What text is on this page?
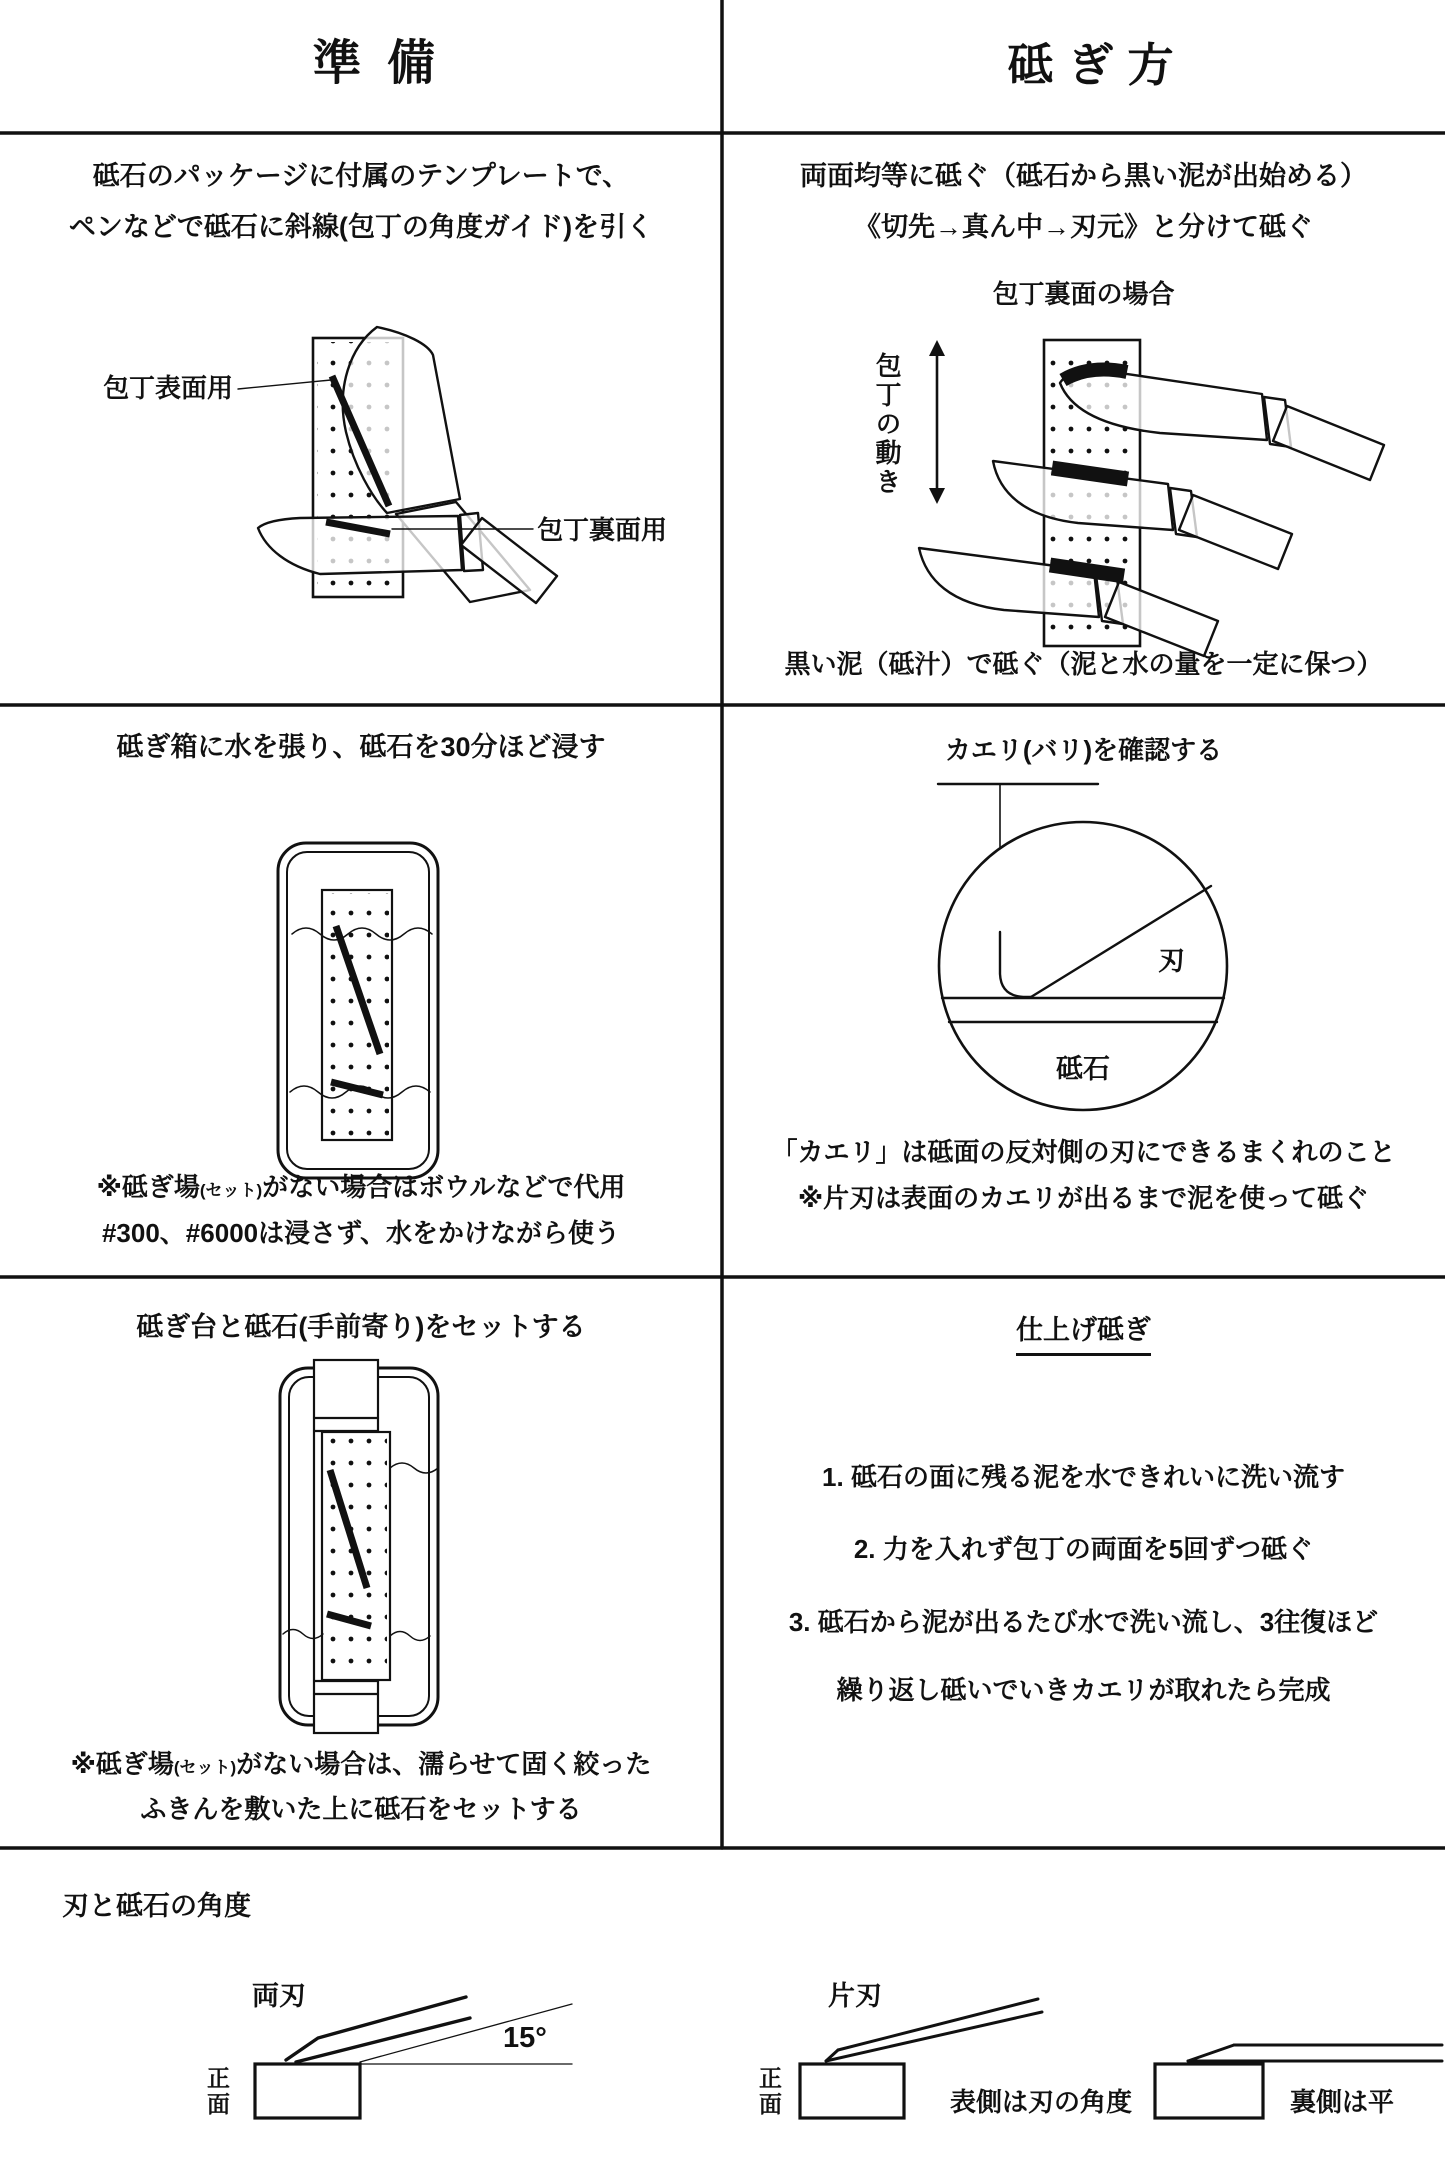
準備	砥ぎ方
砥石のパッケージに付属のテンプレートで、
ペンなどで砥石に斜線(包丁の角度ガイド)を引く
包丁表面用
包丁裏面用
砥ぎ箱に水を張り、砥石を30分ほど浸す
※砥ぎ場(セット)がない場合はボウルなどで代用
#300、#6000は浸さず、水をかけながら使う
砥ぎ台と砥石(手前寄り)をセットする
※砥ぎ場(セット)がない場合は、濡らせて固く絞った
ふきんを敷いた上に砥石をセットする
両面均等に砥ぐ（砥石から黒い泥が出始める）
《切先→真ん中→刃元》と分けて砥ぐ
包丁裏面の場合
包丁の動き
黒い泥（砥汁）で砥ぐ（泥と水の量を一定に保つ）
カエリ(バリ)を確認する
刃
砥石
「カエリ」は砥面の反対側の刃にできるまくれのこと
※片刃は表面のカエリが出るまで泥を使って砥ぐ
仕上げ砥ぎ
1. 砥石の面に残る泥を水できれいに洗い流す
2. 力を入れず包丁の両面を5回ずつ砥ぐ
3. 砥石から泥が出るたび水で洗い流し、3往復ほど
繰り返し砥いでいきカエリが取れたら完成
刃と砥石の角度
両刃	片刃
15°
正面	正面	表側は刃の角度	裏側は平
